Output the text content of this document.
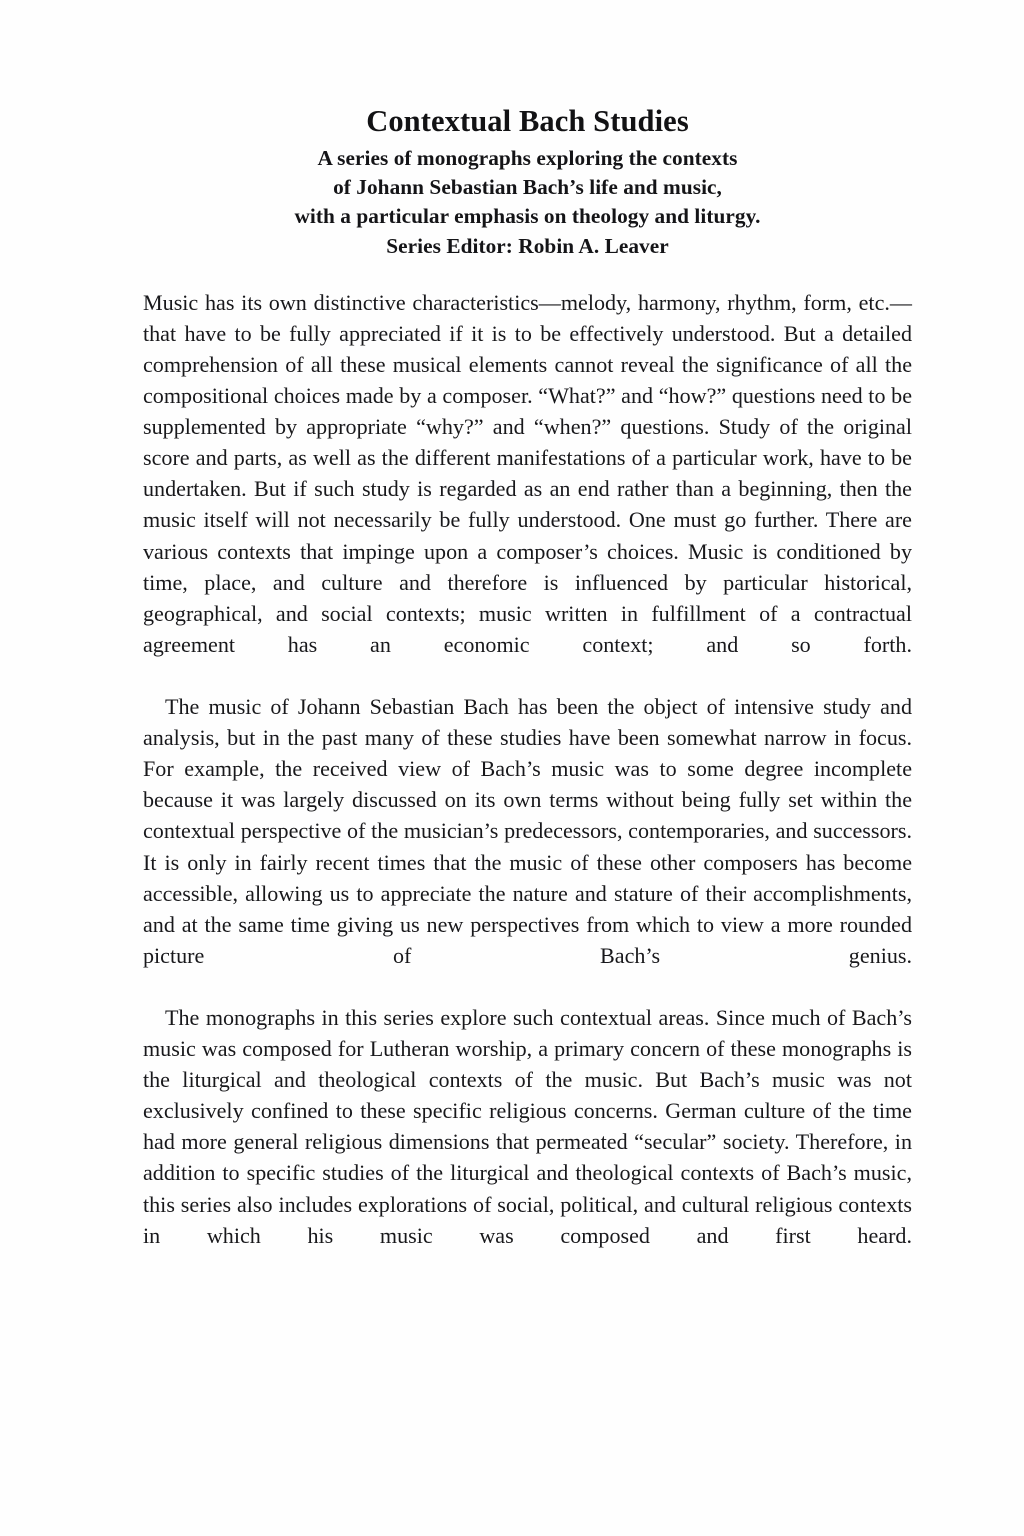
Contextual Bach Studies
A series of monographs exploring the contexts
of Johann Sebastian Bach’s life and music,
with a particular emphasis on theology and liturgy.
Series Editor: Robin A. Leaver

Music has its own distinctive characteristics—melody, harmony, rhythm, form, etc.—that have to be fully appreciated if it is to be effectively understood. But a detailed comprehension of all these musical elements cannot reveal the significance of all the compositional choices made by a composer. “What?” and “how?” questions need to be supplemented by appropriate “why?” and “when?” questions. Study of the original score and parts, as well as the different manifestations of a particular work, have to be undertaken. But if such study is regarded as an end rather than a beginning, then the music itself will not necessarily be fully understood. One must go further. There are various contexts that impinge upon a composer’s choices. Music is conditioned by time, place, and culture and therefore is influenced by particular historical, geographical, and social contexts; music written in fulfillment of a contractual agreement has an economic context; and so forth.

The music of Johann Sebastian Bach has been the object of intensive study and analysis, but in the past many of these studies have been somewhat narrow in focus. For example, the received view of Bach’s music was to some degree incomplete because it was largely discussed on its own terms without being fully set within the contextual perspective of the musician’s predecessors, contemporaries, and successors. It is only in fairly recent times that the music of these other composers has become accessible, allowing us to appreciate the nature and stature of their accomplishments, and at the same time giving us new perspectives from which to view a more rounded picture of Bach’s genius.

The monographs in this series explore such contextual areas. Since much of Bach’s music was composed for Lutheran worship, a primary concern of these monographs is the liturgical and theological contexts of the music. But Bach’s music was not exclusively confined to these specific religious concerns. German culture of the time had more general religious dimensions that permeated “secular” society. Therefore, in addition to specific studies of the liturgical and theological contexts of Bach’s music, this series also includes explorations of social, political, and cultural religious contexts in which his music was composed and first heard.
